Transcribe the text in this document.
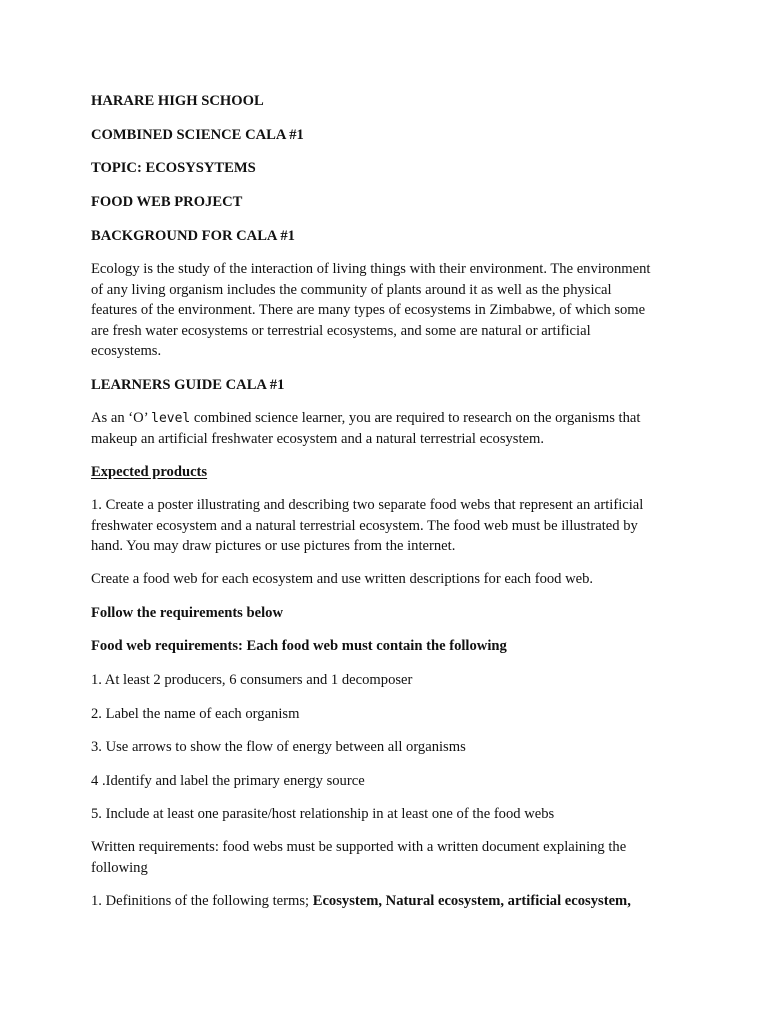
HARARE HIGH SCHOOL
COMBINED SCIENCE CALA #1
TOPIC: ECOSYSYTEMS
FOOD WEB PROJECT
BACKGROUND FOR CALA #1
Ecology is the study of the interaction of living things with their environment. The environment
of any living organism includes the community of plants around it as well as the physical
features of the environment. There are many types of ecosystems in Zimbabwe, of which some
are fresh water ecosystems or terrestrial ecosystems, and some are natural or artificial
ecosystems.
LEARNERS GUIDE CALA #1
As an ‘O’ level combined science learner, you are required to research on the organisms that
makeup an artificial freshwater ecosystem and a natural terrestrial ecosystem.
Expected products
1. Create a poster illustrating and describing two separate food webs that represent an artificial
freshwater ecosystem and a natural terrestrial ecosystem. The food web must be illustrated by
hand. You may draw pictures or use pictures from the internet.
Create a food web for each ecosystem and use written descriptions for each food web.
Follow the requirements below
Food web requirements: Each food web must contain the following
1. At least 2 producers, 6 consumers and 1 decomposer
2. Label the name of each organism
3. Use arrows to show the flow of energy between all organisms
4 .Identify and label the primary energy source
5. Include at least one parasite/host relationship in at least one of the food webs
Written requirements: food webs must be supported with a written document explaining the
following
1. Definitions of the following terms; Ecosystem, Natural ecosystem, artificial ecosystem,
